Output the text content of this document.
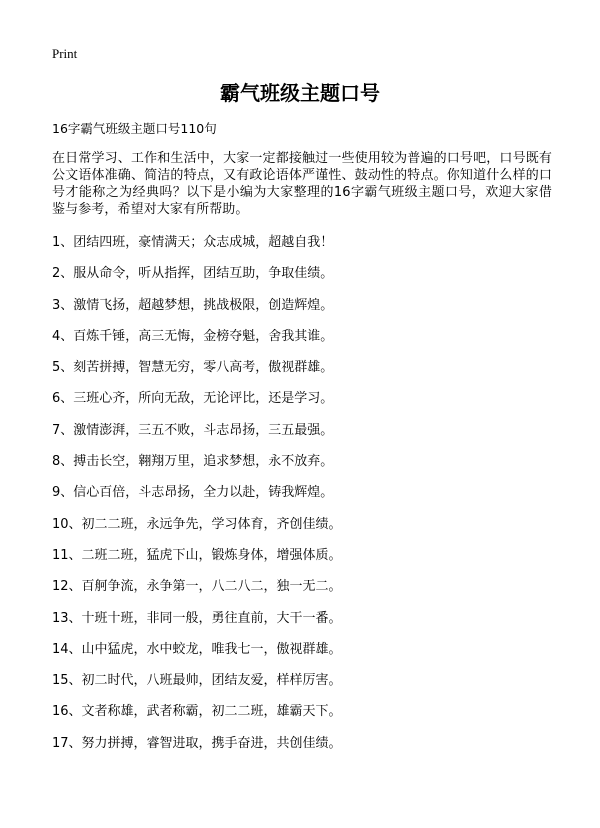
Print
霸气班级主题口号
16字霸气班级主题口号110句
在日常学习、工作和生活中，大家一定都接触过一些使用较为普遍的口号吧，口号既有公文语体准确、简洁的特点，又有政论语体严谨性、鼓动性的特点。你知道什么样的口号才能称之为经典吗？以下是小编为大家整理的16字霸气班级主题口号，欢迎大家借鉴与参考，希望对大家有所帮助。
1、团结四班，豪情满天；众志成城，超越自我！
2、服从命令，听从指挥，团结互助，争取佳绩。
3、激情飞扬，超越梦想，挑战极限，创造辉煌。
4、百炼千锤，高三无悔，金榜夺魁，舍我其谁。
5、刻苦拼搏，智慧无穷，零八高考，傲视群雄。
6、三班心齐，所向无敌，无论评比，还是学习。
7、激情澎湃，三五不败，斗志昂扬，三五最强。
8、搏击长空，翱翔万里，追求梦想，永不放弃。
9、信心百倍，斗志昂扬，全力以赴，铸我辉煌。
10、初二二班，永远争先，学习体育，齐创佳绩。
11、二班二班，猛虎下山，锻炼身体，增强体质。
12、百舸争流，永争第一，八二八二，独一无二。
13、十班十班，非同一般，勇往直前，大干一番。
14、山中猛虎，水中蛟龙，唯我七一，傲视群雄。
15、初二时代，八班最帅，团结友爱，样样厉害。
16、文者称雄，武者称霸，初二二班，雄霸天下。
17、努力拼搏，睿智进取，携手奋进，共创佳绩。
